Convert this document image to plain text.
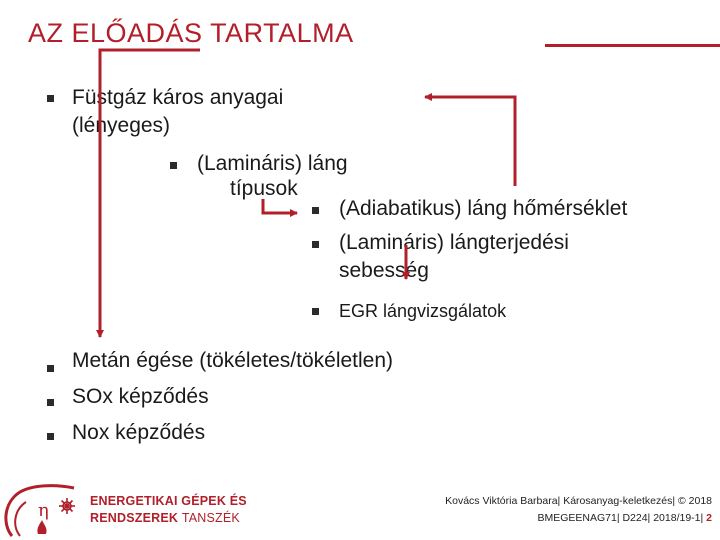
AZ ELŐADÁS TARTALMA
Füstgáz káros anyagai
(lényeges)
(Lamináris) láng
típusok
(Adiabatikus) láng hőmérséklet
(Lamináris) lángterjedési
sebesség
EGR lángvizsgálatok
Metán égése (tökéletes/tökéletlen)
SOx képződés
Nox képződés
η	ENERGETIKAI GÉPEK ÉS
RENDSZEREK TANSZÉK
Kovács Viktória Barbara| Károsanyag-keletkezés| © 2018
BMEGEENAG71| D224| 2018/19-1| 2
